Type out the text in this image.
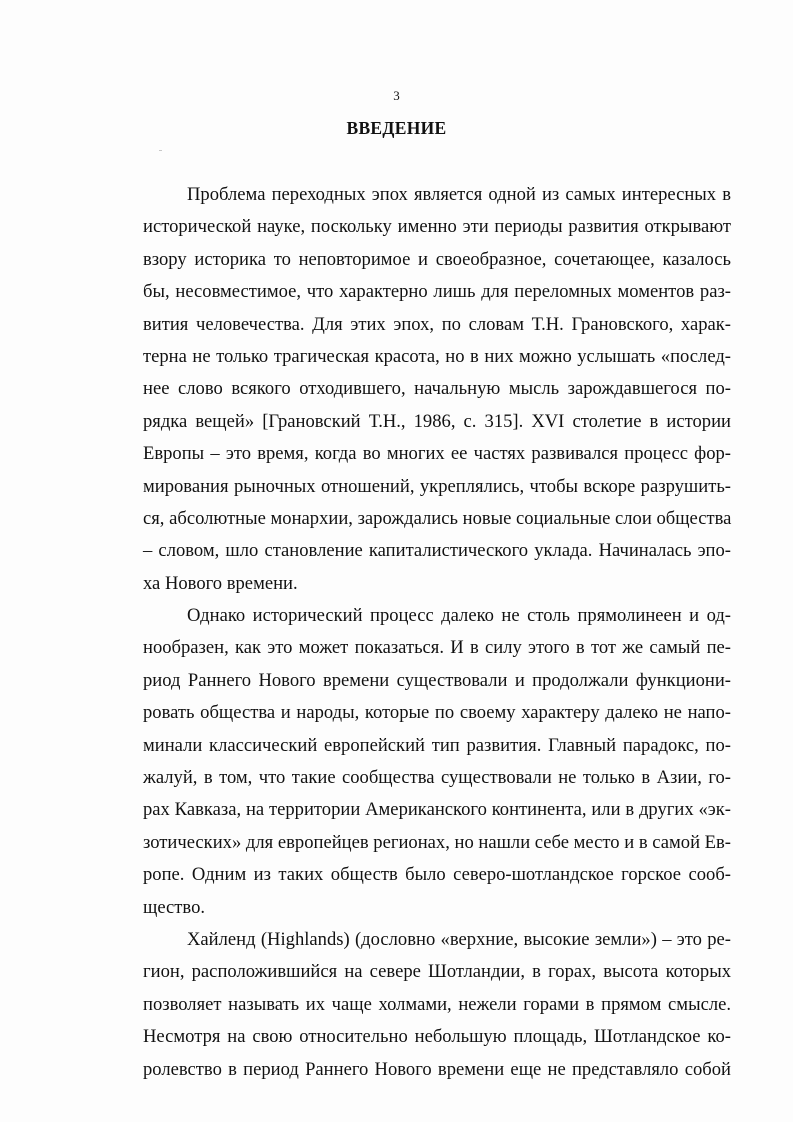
3
ВВЕДЕНИЕ
Проблема переходных эпох является одной из самых интересных в
исторической науке, поскольку именно эти периоды развития открывают
взору историка то неповторимое и своеобразное, сочетающее, казалось
бы, несовместимое, что характерно лишь для переломных моментов раз-
вития человечества. Для этих эпох, по словам Т.Н. Грановского, харак-
терна не только трагическая красота, но в них можно услышать «послед-
нее слово всякого отходившего, начальную мысль зарождавшегося по-
рядка вещей» [Грановский Т.Н., 1986, с. 315]. XVI столетие в истории
Европы – это время, когда во многих ее частях развивался процесс фор-
мирования рыночных отношений, укреплялись, чтобы вскоре разрушить-
ся, абсолютные монархии, зарождались новые социальные слои общества
– словом, шло становление капиталистического уклада. Начиналась эпо-
ха Нового времени.
Однако исторический процесс далеко не столь прямолинеен и од-
нообразен, как это может показаться. И в силу этого в тот же самый пе-
риод Раннего Нового времени существовали и продолжали функциони-
ровать общества и народы, которые по своему характеру далеко не напо-
минали классический европейский тип развития. Главный парадокс, по-
жалуй, в том, что такие сообщества существовали не только в Азии, го-
рах Кавказа, на территории Американского континента, или в других «эк-
зотических» для европейцев регионах, но нашли себе место и в самой Ев-
ропе. Одним из таких обществ было северо-шотландское горское сооб-
щество.
Хайленд (Highlands) (дословно «верхние, высокие земли») – это ре-
гион, расположившийся на севере Шотландии, в горах, высота которых
позволяет называть их чаще холмами, нежели горами в прямом смысле.
Несмотря на свою относительно небольшую площадь, Шотландское ко-
ролевство в период Раннего Нового времени еще не представляло собой
